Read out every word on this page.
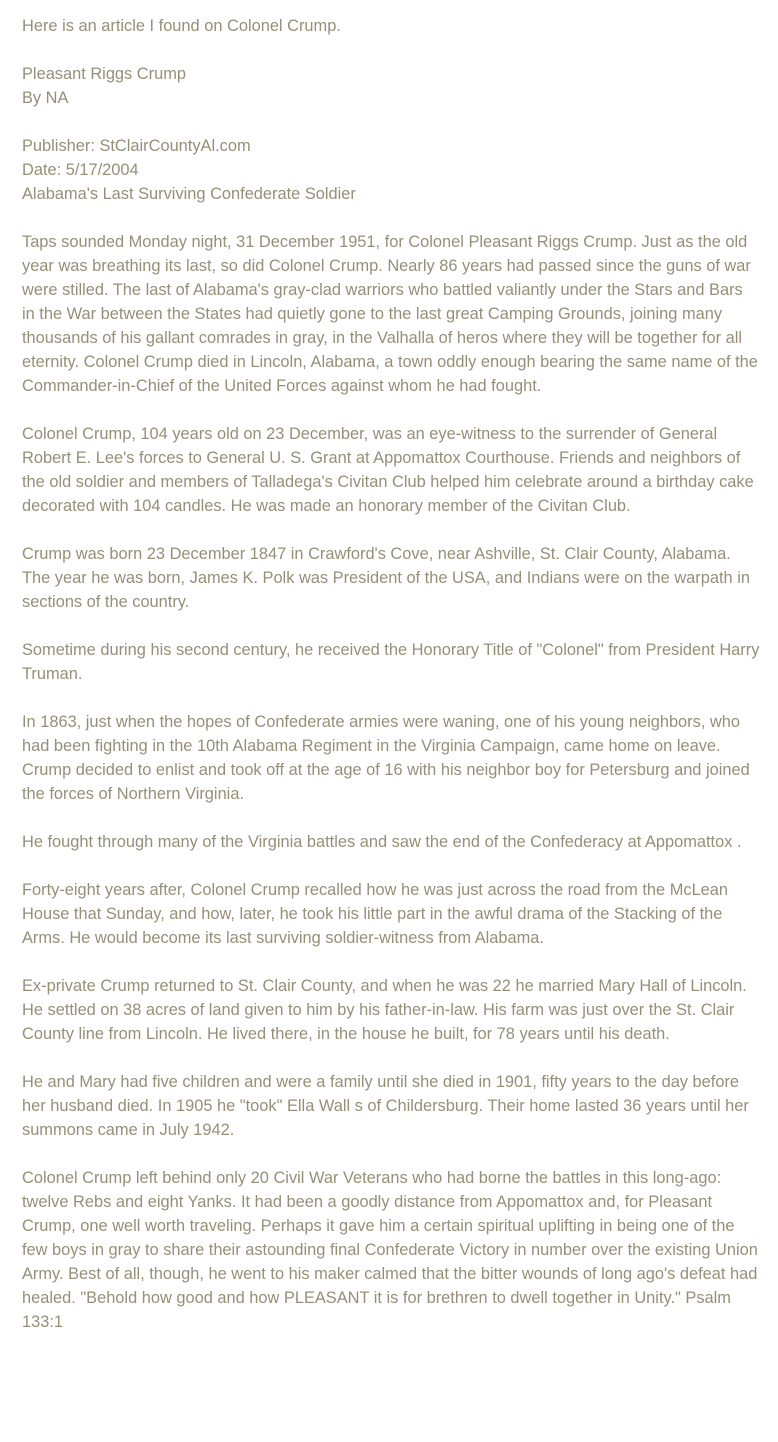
Here is an article I found on Colonel Crump.
Pleasant Riggs Crump
By NA
Publisher: StClairCountyAl.com
Date: 5/17/2004
Alabama's Last Surviving Confederate Soldier

Taps sounded Monday night, 31 December 1951, for Colonel Pleasant Riggs Crump. Just as the old year was breathing its last, so did Colonel Crump. Nearly 86 years had passed since the guns of war were stilled. The last of Alabama's gray-clad warriors who battled valiantly under the Stars and Bars in the War between the States had quietly gone to the last great Camping Grounds, joining many thousands of his gallant comrades in gray, in the Valhalla of heros where they will be together for all eternity. Colonel Crump died in Lincoln, Alabama, a town oddly enough bearing the same name of the Commander-in-Chief of the United Forces against whom he had fought.

Colonel Crump, 104 years old on 23 December, was an eye-witness to the surrender of General Robert E. Lee's forces to General U. S. Grant at Appomattox Courthouse. Friends and neighbors of the old soldier and members of Talladega's Civitan Club helped him celebrate around a birthday cake decorated with 104 candles. He was made an honorary member of the Civitan Club.

Crump was born 23 December 1847 in Crawford's Cove, near Ashville, St. Clair County, Alabama. The year he was born, James K. Polk was President of the USA, and Indians were on the warpath in sections of the country.

Sometime during his second century, he received the Honorary Title of "Colonel" from President Harry Truman.

In 1863, just when the hopes of Confederate armies were waning, one of his young neighbors, who had been fighting in the 10th Alabama Regiment in the Virginia Campaign, came home on leave. Crump decided to enlist and took off at the age of 16 with his neighbor boy for Petersburg and joined the forces of Northern Virginia.

He fought through many of the Virginia battles and saw the end of the Confederacy at Appomattox .

Forty-eight years after, Colonel Crump recalled how he was just across the road from the McLean House that Sunday, and how, later, he took his little part in the awful drama of the Stacking of the Arms. He would become its last surviving soldier-witness from Alabama.

Ex-private Crump returned to St. Clair County, and when he was 22 he married Mary Hall of Lincoln. He settled on 38 acres of land given to him by his father-in-law. His farm was just over the St. Clair County line from Lincoln. He lived there, in the house he built, for 78 years until his death.

He and Mary had five children and were a family until she died in 1901, fifty years to the day before her husband died. In 1905 he "took" Ella Wall s of Childersburg. Their home lasted 36 years until her summons came in July 1942.

Colonel Crump left behind only 20 Civil War Veterans who had borne the battles in this long-ago: twelve Rebs and eight Yanks. It had been a goodly distance from Appomattox and, for Pleasant Crump, one well worth traveling. Perhaps it gave him a certain spiritual uplifting in being one of the few boys in gray to share their astounding final Confederate Victory in number over the existing Union Army. Best of all, though, he went to his maker calmed that the bitter wounds of long ago's defeat had healed. "Behold how good and how PLEASANT it is for brethren to dwell together in Unity." Psalm 133:1
